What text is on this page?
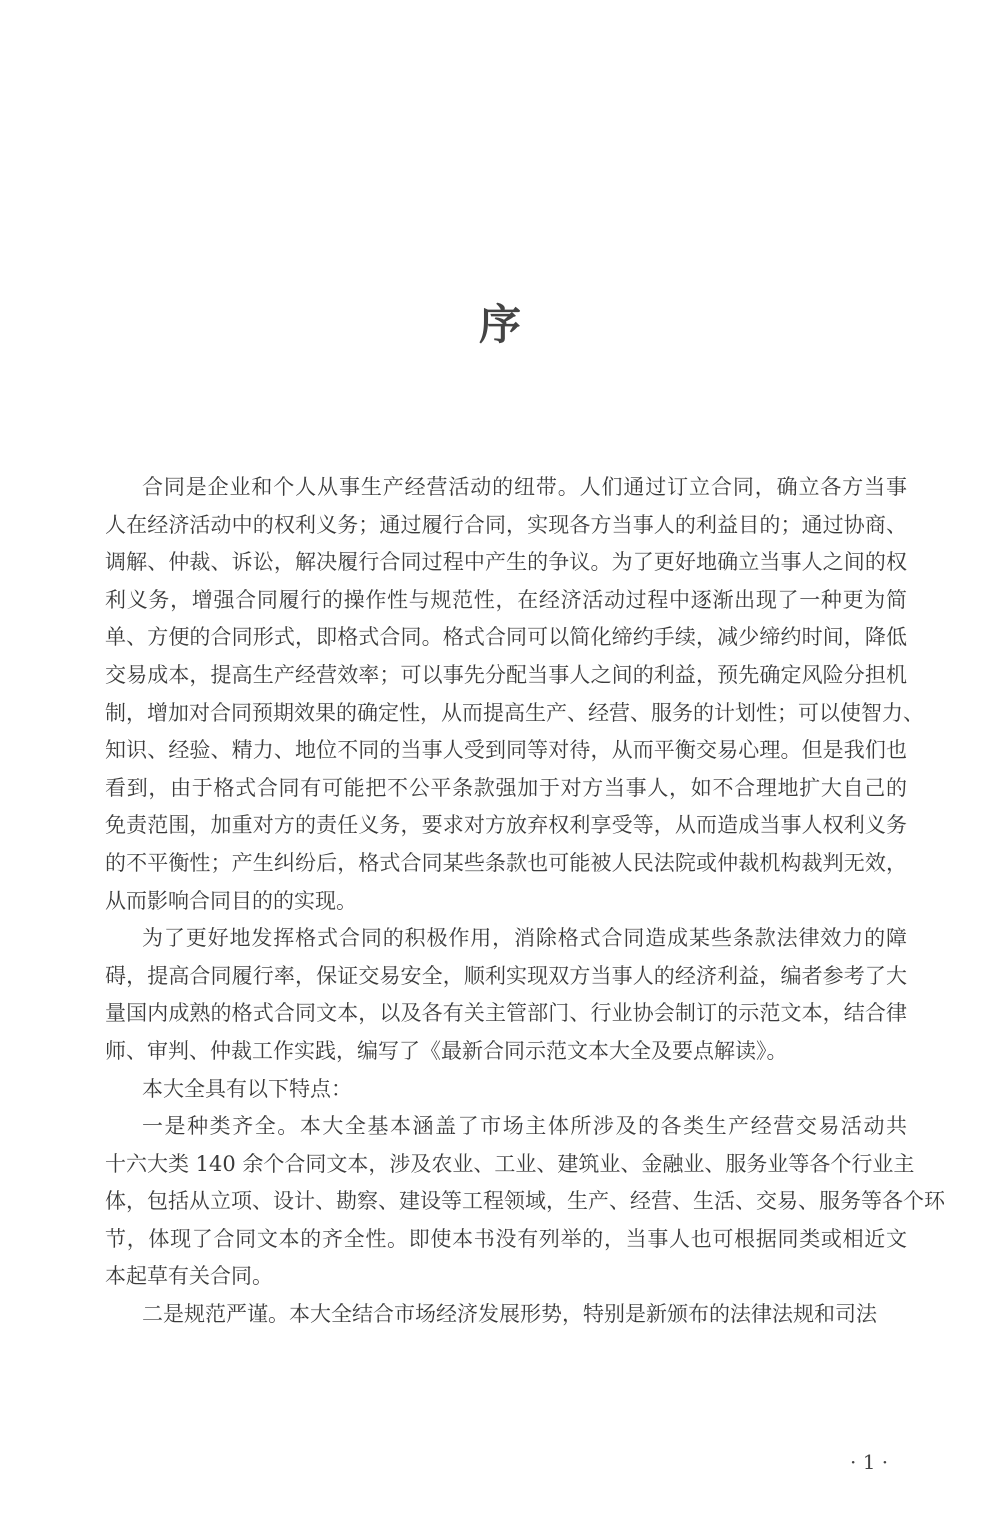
序
合同是企业和个人从事生产经营活动的纽带。人们通过订立合同，确立各方当事
人在经济活动中的权利义务；通过履行合同，实现各方当事人的利益目的；通过协商、
调解、仲裁、诉讼，解决履行合同过程中产生的争议。为了更好地确立当事人之间的权
利义务，增强合同履行的操作性与规范性，在经济活动过程中逐渐出现了一种更为简
单、方便的合同形式，即格式合同。格式合同可以简化缔约手续，减少缔约时间，降低
交易成本，提高生产经营效率；可以事先分配当事人之间的利益，预先确定风险分担机
制，增加对合同预期效果的确定性，从而提高生产、经营、服务的计划性；可以使智力、
知识、经验、精力、地位不同的当事人受到同等对待，从而平衡交易心理。但是我们也
看到，由于格式合同有可能把不公平条款强加于对方当事人，如不合理地扩大自己的
免责范围，加重对方的责任义务，要求对方放弃权利享受等，从而造成当事人权利义务
的不平衡性；产生纠纷后，格式合同某些条款也可能被人民法院或仲裁机构裁判无效，
从而影响合同目的的实现。
为了更好地发挥格式合同的积极作用，消除格式合同造成某些条款法律效力的障
碍，提高合同履行率，保证交易安全，顺利实现双方当事人的经济利益，编者参考了大
量国内成熟的格式合同文本，以及各有关主管部门、行业协会制订的示范文本，结合律
师、审判、仲裁工作实践，编写了《最新合同示范文本大全及要点解读》。
本大全具有以下特点：
一是种类齐全。本大全基本涵盖了市场主体所涉及的各类生产经营交易活动共
十六大类 140 余个合同文本，涉及农业、工业、建筑业、金融业、服务业等各个行业主
体，包括从立项、设计、勘察、建设等工程领域，生产、经营、生活、交易、服务等各个环
节，体现了合同文本的齐全性。即使本书没有列举的，当事人也可根据同类或相近文
本起草有关合同。
二是规范严谨。本大全结合市场经济发展形势，特别是新颁布的法律法规和司法
· 1 ·
